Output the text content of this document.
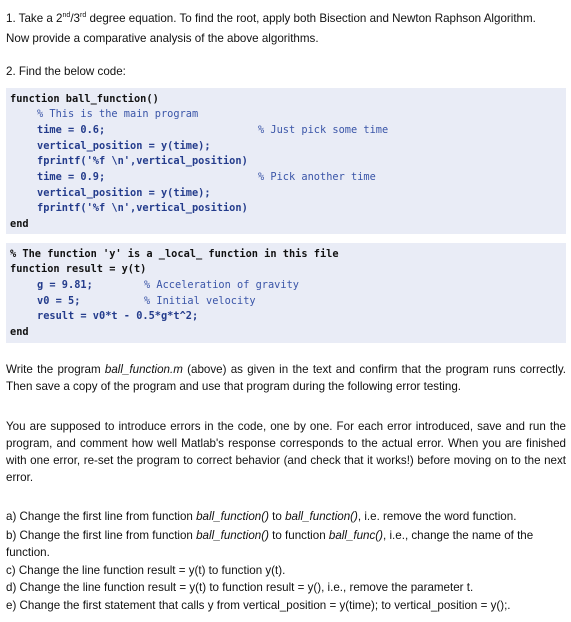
1. Take a 2nd/3rd degree equation. To find the root, apply both Bisection and Newton Raphson Algorithm.
Now provide a comparative analysis of the above algorithms.
2. Find the below code:
function ball_function()
% This is the main program
time = 0.6;	% Just pick some time
vertical_position = y(time);
fprintf('%f \n',vertical_position)
time = 0.9;	% Pick another time
vertical_position = y(time);
fprintf('%f \n',vertical_position)
end
% The function 'y' is a _local_ function in this file
function result = y(t)
g = 9.81;	% Acceleration of gravity
v0 = 5;	% Initial velocity
result = v0*t - 0.5*g*t^2;
end
Write the program ball_function.m (above) as given in the text and confirm that the program runs correctly. Then save a copy of the program and use that program during the following error testing.
You are supposed to introduce errors in the code, one by one. For each error introduced, save and run the program, and comment how well Matlab's response corresponds to the actual error. When you are finished with one error, re-set the program to correct behavior (and check that it works!) before moving on to the next error.
a) Change the first line from function ball_function() to ball_function(), i.e. remove the word function.
b) Change the first line from function ball_function() to function ball_func(), i.e., change the name of the
function.
c) Change the line function result = y(t) to function y(t).
d) Change the line function result = y(t) to function result = y(), i.e., remove the parameter t.
e) Change the first statement that calls y from vertical_position = y(time); to vertical_position = y();.
